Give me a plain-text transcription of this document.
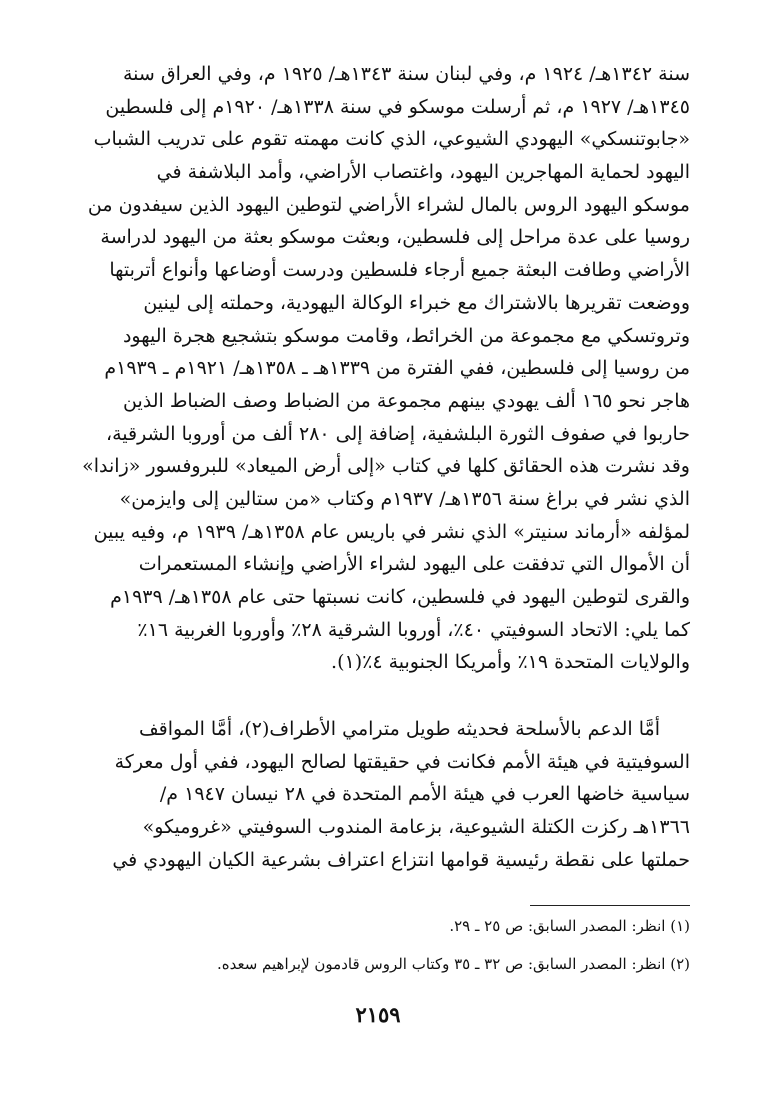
سنة ١٣٤٢هـ/ ١٩٢٤ م، وفي لبنان سنة ١٣٤٣هـ/ ١٩٢٥ م، وفي العراق سنة
١٣٤٥هـ/ ١٩٢٧ م، ثم أرسلت موسكو في سنة ١٣٣٨هـ/ ١٩٢٠م إلى فلسطين
«جابوتنسكي» اليهودي الشيوعي، الذي كانت مهمته تقوم على تدريب الشباب
اليهود لحماية المهاجرين اليهود، واغتصاب الأراضي، وأمد البلاشفة في
موسكو اليهود الروس بالمال لشراء الأراضي لتوطين اليهود الذين سيفدون من
روسيا على عدة مراحل إلى فلسطين، وبعثت موسكو بعثة من اليهود لدراسة
الأراضي وطافت البعثة جميع أرجاء فلسطين ودرست أوضاعها وأنواع أتربتها
ووضعت تقريرها بالاشتراك مع خبراء الوكالة اليهودية، وحملته إلى لينين
وتروتسكي مع مجموعة من الخرائط، وقامت موسكو بتشجيع هجرة اليهود
من روسيا إلى فلسطين، ففي الفترة من ١٣٣٩هـ ـ ١٣٥٨هـ/ ١٩٢١م ـ ١٩٣٩م
هاجر نحو ١٦٥ ألف يهودي بينهم مجموعة من الضباط وصف الضباط الذين
حاربوا في صفوف الثورة البلشفية، إضافة إلى ٢٨٠ ألف من أوروبا الشرقية،
وقد نشرت هذه الحقائق كلها في كتاب «إلى أرض الميعاد» للبروفسور «زاندا»
الذي نشر في براغ سنة ١٣٥٦هـ/ ١٩٣٧م وكتاب «من ستالين إلى وايزمن»
لمؤلفه «أرماند سنيتر» الذي نشر في باريس عام ١٣٥٨هـ/ ١٩٣٩ م، وفيه يبين
أن الأموال التي تدفقت على اليهود لشراء الأراضي وإنشاء المستعمرات
والقرى لتوطين اليهود في فلسطين، كانت نسبتها حتى عام ١٣٥٨هـ/ ١٩٣٩م
كما يلي: الاتحاد السوفيتي ٤٠٪، أوروبا الشرقية ٢٨٪ وأوروبا الغربية ١٦٪
والولايات المتحدة ١٩٪ وأمريكا الجنوبية ٤٪(١).
أمَّا الدعم بالأسلحة فحديثه طويل مترامي الأطراف(٢)، أمَّا المواقف
السوفيتية في هيئة الأمم فكانت في حقيقتها لصالح اليهود، ففي أول معركة
سياسية خاضها العرب في هيئة الأمم المتحدة في ٢٨ نيسان ١٩٤٧ م/
١٣٦٦هـ ركزت الكتلة الشيوعية، بزعامة المندوب السوفيتي «غروميكو»
حملتها على نقطة رئيسية قوامها انتزاع اعتراف بشرعية الكيان اليهودي في
(١) انظر: المصدر السابق: ص ٢٥ ـ ٢٩.
(٢) انظر: المصدر السابق: ص ٣٢ ـ ٣٥ وكتاب الروس قادمون لإبراهيم سعده.
٢١٥٩
